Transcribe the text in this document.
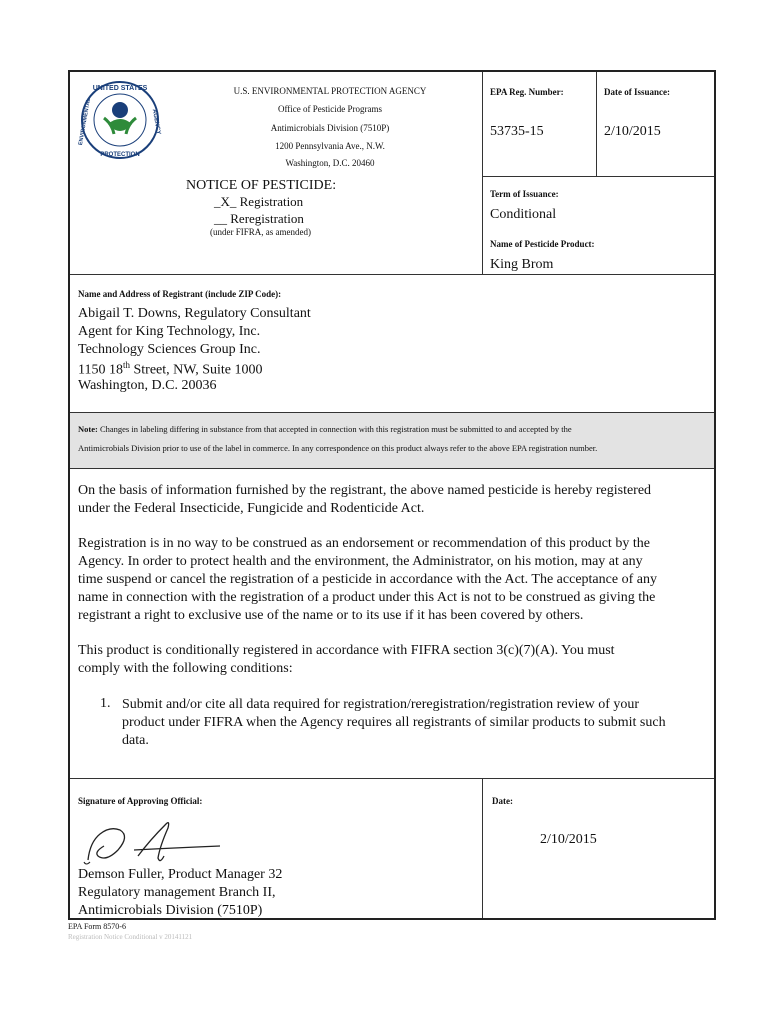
UNITED STATES
ENVIRONMENTAL
PROTECTION
AGENCY
U.S. ENVIRONMENTAL PROTECTION AGENCY
Office of Pesticide Programs
Antimicrobials Division (7510P)
1200 Pennsylvania Ave., N.W.
Washington, D.C. 20460
NOTICE OF PESTICIDE:
_X_ Registration
__ Reregistration
(under FIFRA, as amended)
EPA Reg. Number:	Date of Issuance:
53735-15	2/10/2015
Term of Issuance:
Conditional
Name of Pesticide Product:
King Brom
Name and Address of Registrant (include ZIP Code):
Abigail T. Downs, Regulatory Consultant
Agent for King Technology, Inc.
Technology Sciences Group Inc.
1150 18th Street, NW, Suite 1000
Washington, D.C. 20036
Note: Changes in labeling differing in substance from that accepted in connection with this registration must be submitted to and accepted by the
Antimicrobials Division prior to use of the label in commerce. In any correspondence on this product always refer to the above EPA registration number.
On the basis of information furnished by the registrant, the above named pesticide is hereby registered
under the Federal Insecticide, Fungicide and Rodenticide Act.
Registration is in no way to be construed as an endorsement or recommendation of this product by the
Agency. In order to protect health and the environment, the Administrator, on his motion, may at any
time suspend or cancel the registration of a pesticide in accordance with the Act. The acceptance of any
name in connection with the registration of a product under this Act is not to be construed as giving the
registrant a right to exclusive use of the name or to its use if it has been covered by others.
This product is conditionally registered in accordance with FIFRA section 3(c)(7)(A). You must
comply with the following conditions:
1. Submit and/or cite all data required for registration/reregistration/registration review of your
product under FIFRA when the Agency requires all registrants of similar products to submit such
data.
Signature of Approving Official:
Demson Fuller, Product Manager 32
Regulatory management Branch II,
Antimicrobials Division (7510P)
Date:
2/10/2015
EPA Form 8570-6
Registration Notice Conditional v 20141121
